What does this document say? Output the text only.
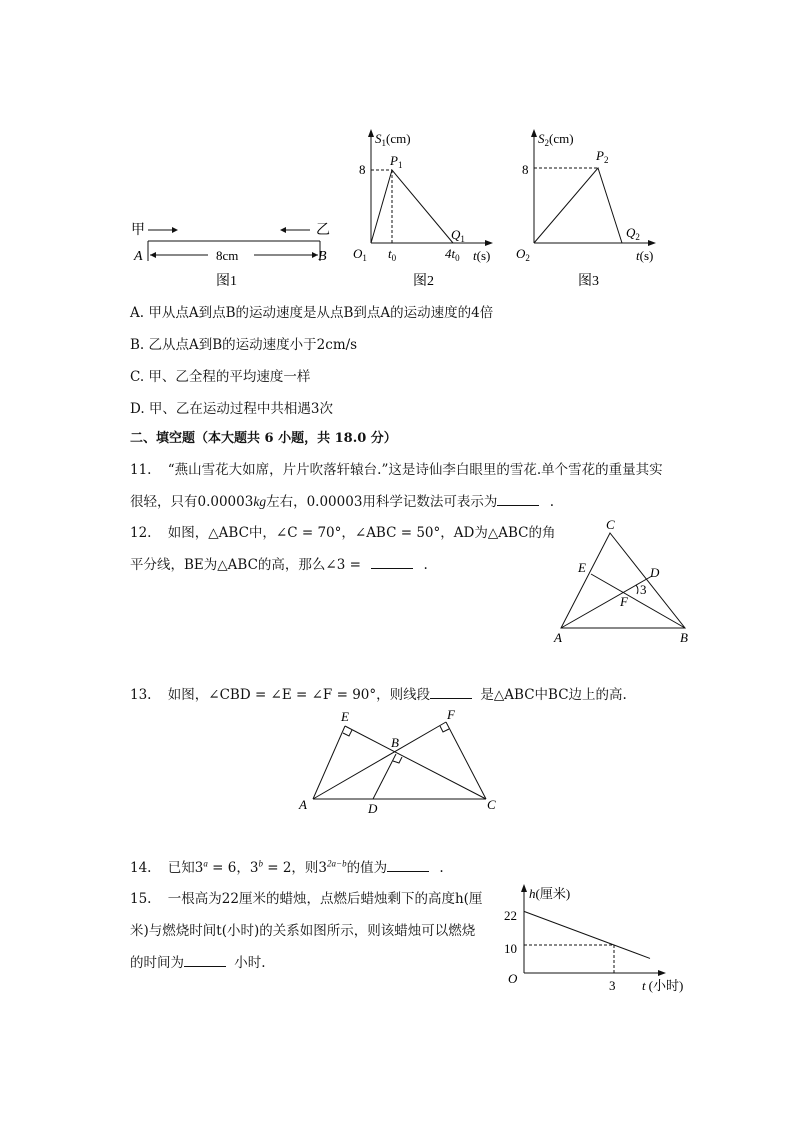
甲	乙
8cm
A	B
图1
$S_1(cm)$
8
$P_1$
$Q_1$
$O_1$ $t_0$	$4t_0$ t(s)
图2
$S_2(cm)$
8
$P_2$
$Q_2$
$O_2$	t(s)
图3
A. 甲从点A到点B的运动速度是从点B到点A的运动速度的4倍
B. 乙从点A到B的运动速度小于2cm/s
C. 甲、乙全程的平均速度一样
D. 甲、乙在运动过程中共相遇3次
二、填空题（本大题共 6 小题，共 18.0 分）
11. “燕山雪花大如席，片片吹落轩辕台.”这是诗仙李白眼里的雪花.单个雪花的重量其实
很轻，只有0.00003kg左右，0.00003用科学记数法可表示为	.
12. 如图，△ABC中，∠C = 70°，∠ABC = 50°，AD为△ABC的角
平分线，BE为△ABC的高，那么∠3 =	.
C
E	D
3
F
A	B
13. 如图，∠CBD = ∠E = ∠F = 90°，则线段	是△ABC中BC边上的高.
E	F
B
A	D	C
14. 已知$3^a = 6$，$3^b = 2$，则$3^{2a-b}$的值为	.
15. 一根高为22厘米的蜡烛，点燃后蜡烛剩下的高度h(厘
米)与燃烧时间t(小时)的关系如图所示，则该蜡烛可以燃烧
的时间为	小时.
h(厘米)
t (小时)
O
22
10
3
